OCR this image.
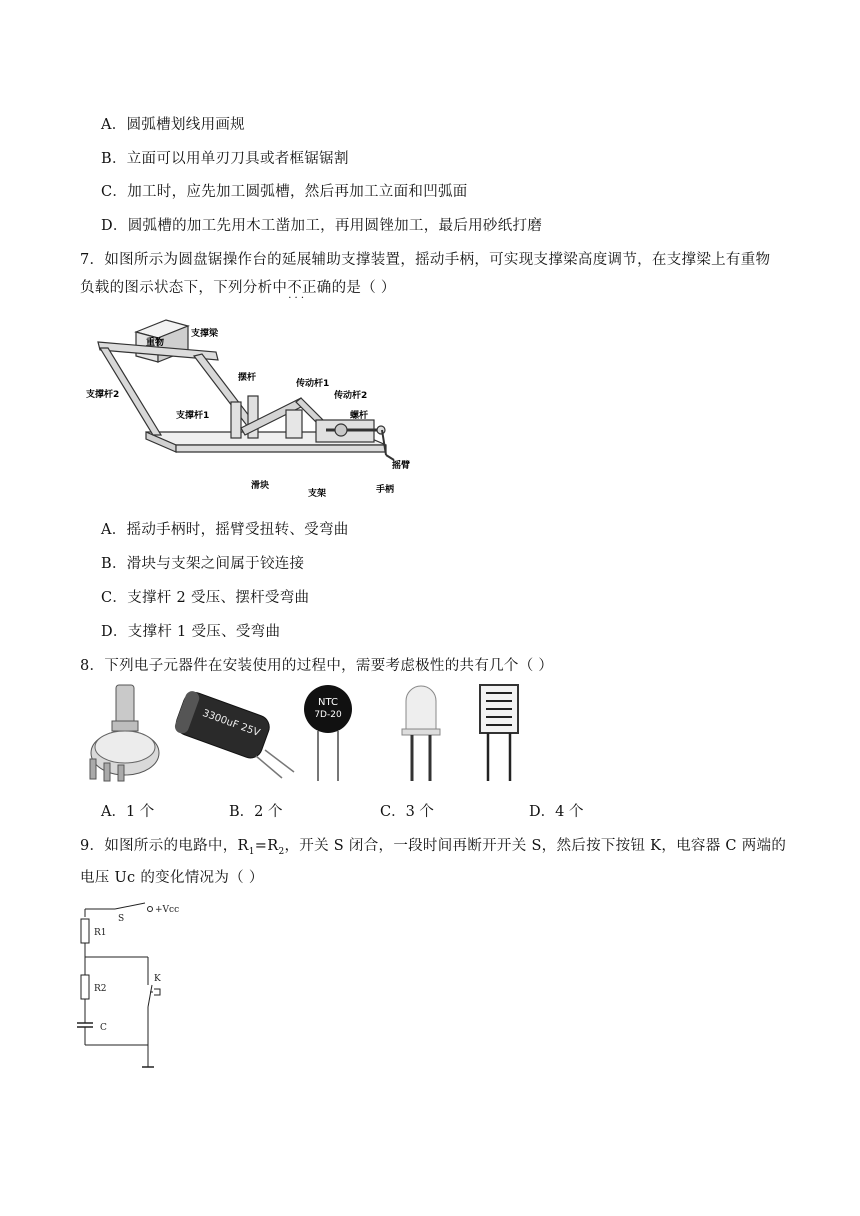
A．圆弧槽划线用画规
B．立面可以用单刃刀具或者框锯锯割
C．加工时，应先加工圆弧槽，然后再加工立面和凹弧面
D．圆弧槽的加工先用木工凿加工，再用圆锉加工，最后用砂纸打磨
7．如图所示为圆盘锯操作台的延展辅助支撑装置，摇动手柄，可实现支撑梁高度调节，在支撑梁上有重物
负载的图示状态下，下列分析中不正确 · · ·的是（ ）
重物
支撑梁
支撑杆2
摆杆
支撑杆1
传动杆1
传动杆2
螺杆
滑块
支架
摇臂
手柄
A．摇动手柄时，摇臂受扭转、受弯曲
B．滑块与支架之间属于铰连接
C．支撑杆 2 受压、摆杆受弯曲
D．支撑杆 1 受压、受弯曲
8．下列电子元器件在安装使用的过程中，需要考虑极性的共有几个（ ）
3300uF 25V
NTC
7D-20
A．1 个	B．2 个	C．3 个	D．4 个
9．如图所示的电路中，$R_1=R_2$，开关 S 闭合，一段时间再断开开关 S，然后按下按钮 K，电容器 C 两端的
电压 Uc 的变化情况为（ ）
S
+Vcc
R1
R2
K
C
